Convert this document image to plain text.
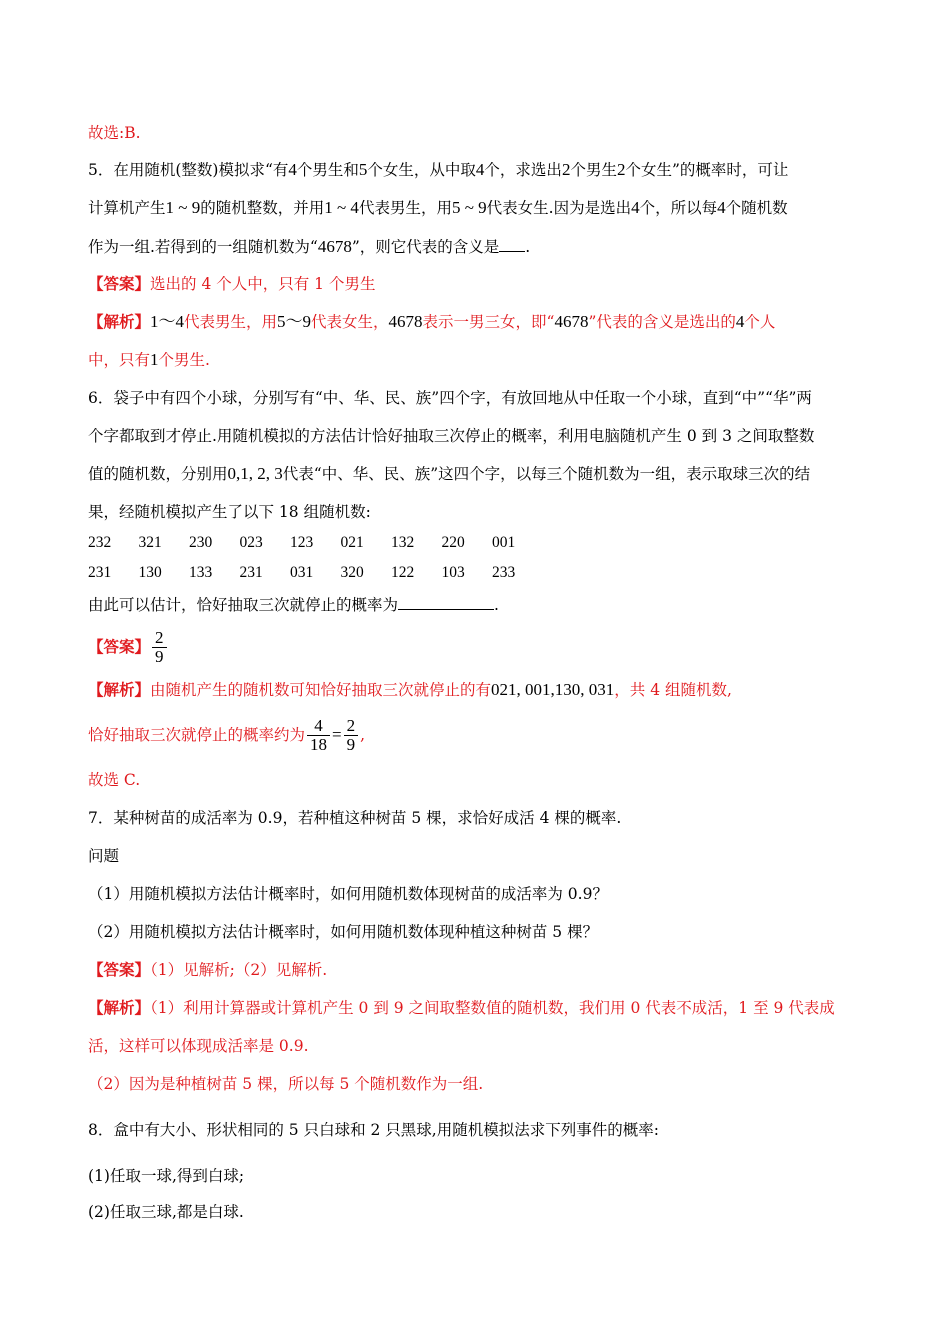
故选:B.
5．在用随机(整数)模拟求“有4个男生和5个女生，从中取4个，求选出2个男生2个女生”的概率时，可让
计算机产生1 ~ 9的随机整数，并用1 ~ 4代表男生，用5 ~ 9代表女生.因为是选出4个，所以每4个随机数
作为一组.若得到的一组随机数为“4678”，则它代表的含义是 .
【答案】选出的 4 个人中，只有 1 个男生
【解析】1～4代表男生，用5～9代表女生，4678表示一男三女，即“4678”代表的含义是选出的4个人
中，只有1个男生.
6．袋子中有四个小球，分别写有“中、华、民、族”四个字，有放回地从中任取一个小球，直到“中”“华”两
个字都取到才停止.用随机模拟的方法估计恰好抽取三次停止的概率，利用电脑随机产生 0 到 3 之间取整数
值的随机数，分别用0,1, 2, 3代表“中、华、民、族”这四个字，以每三个随机数为一组，表示取球三次的结
果，经随机模拟产生了以下 18 组随机数:
232 321 230 023 123 021 132 220 001
231 130 133 231 031 320 122 103 233
由此可以估计，恰好抽取三次就停止的概率为	.
【答案】 $\frac{2}{9}$
【解析】由随机产生的随机数可知恰好抽取三次就停止的有021, 001,130, 031，共 4 组随机数,
恰好抽取三次就停止的概率约为 $\frac{4}{18} = \frac{2}{9}$ ,
故选 C.
7．某种树苗的成活率为 0.9，若种植这种树苗 5 棵，求恰好成活 4 棵的概率.
问题
（1）用随机模拟方法估计概率时，如何用随机数体现树苗的成活率为 0.9？
（2）用随机模拟方法估计概率时，如何用随机数体现种植这种树苗 5 棵？
【答案】（1）见解析;（2）见解析.
【解析】（1）利用计算器或计算机产生 0 到 9 之间取整数值的随机数，我们用 0 代表不成活，1 至 9 代表成
活，这样可以体现成活率是 0.9.
（2）因为是种植树苗 5 棵，所以每 5 个随机数作为一组.
8．盒中有大小、形状相同的 5 只白球和 2 只黑球,用随机模拟法求下列事件的概率:
(1)任取一球,得到白球;
(2)任取三球,都是白球.
